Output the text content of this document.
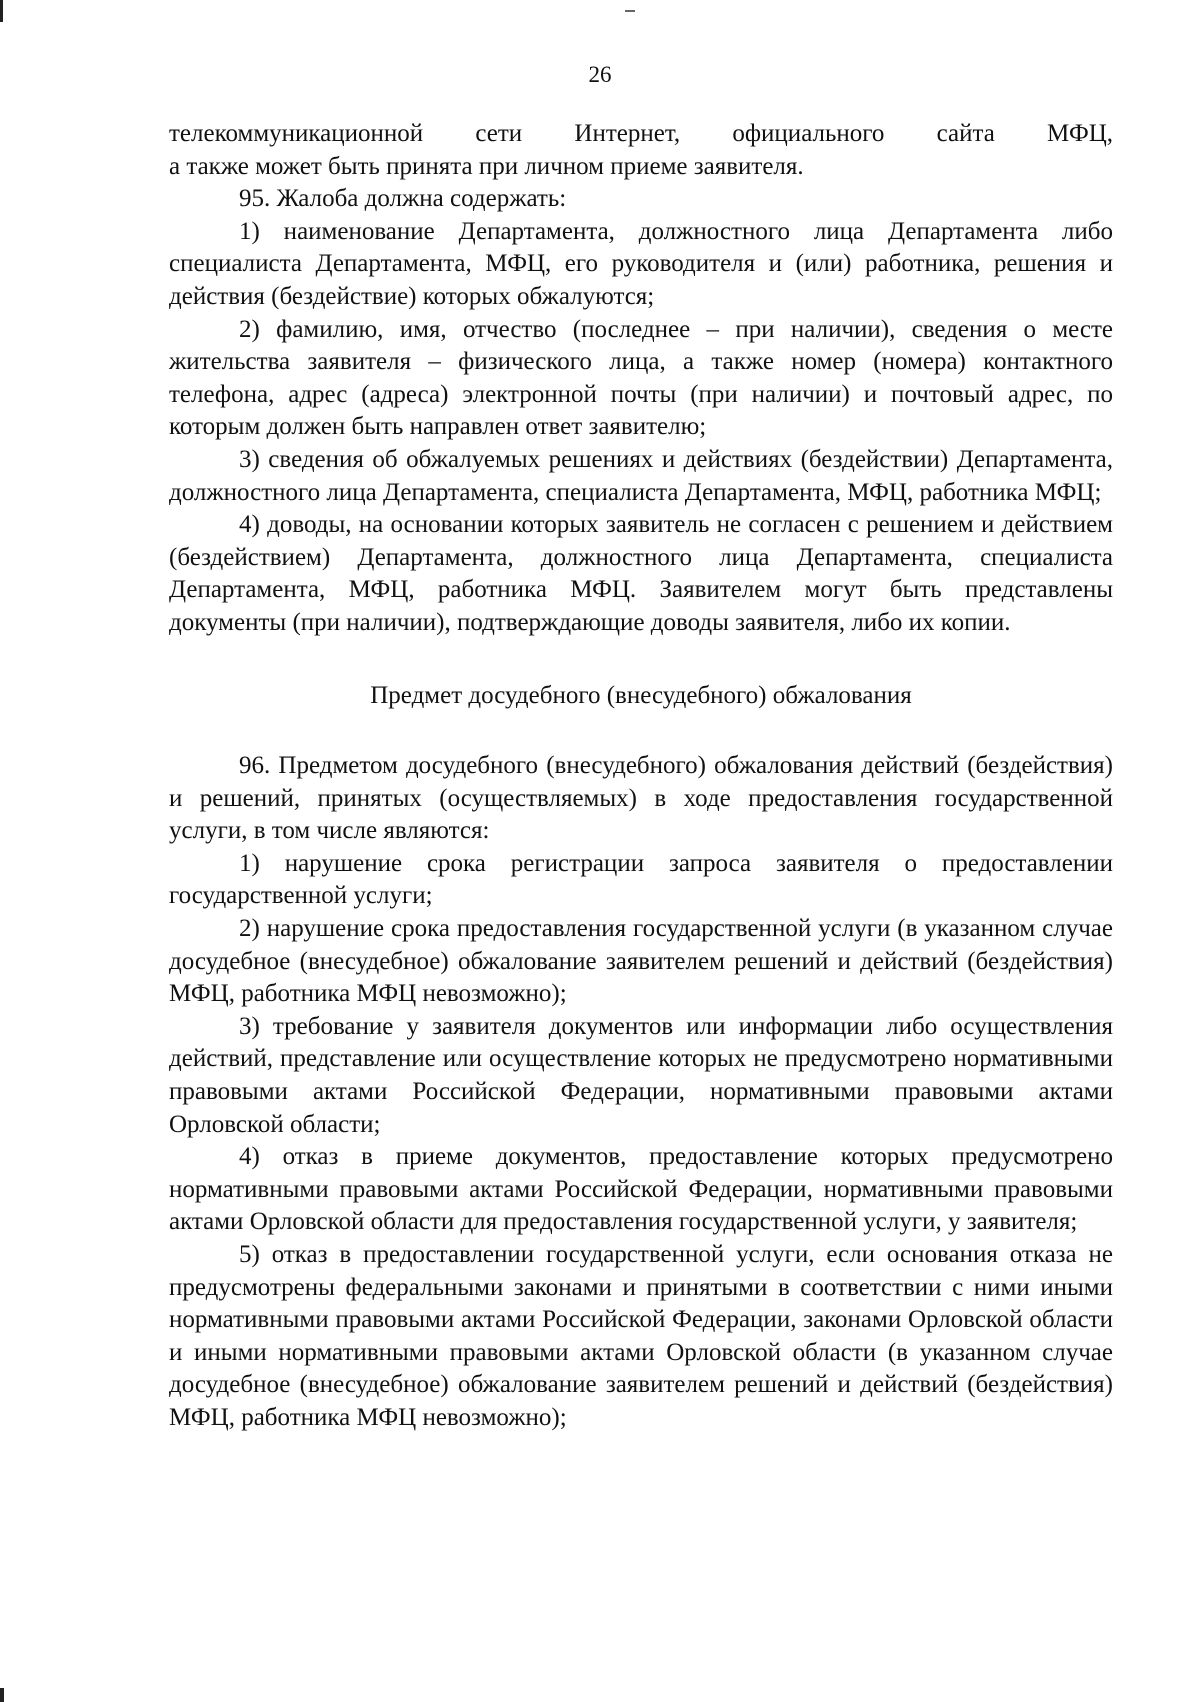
26

телекоммуникационной сети Интернет, официального сайта МФЦ,

а также может быть принята при личном приеме заявителя.

95. Жалоба должна содержать:

1) наименование Департамента, должностного лица Департамента либо специалиста Департамента, МФЦ, его руководителя и (или) работника, решения и действия (бездействие) которых обжалуются;

2) фамилию, имя, отчество (последнее – при наличии), сведения о месте жительства заявителя – физического лица, а также номер (номера) контактного телефона, адрес (адреса) электронной почты (при наличии) и почтовый адрес, по которым должен быть направлен ответ заявителю;

3) сведения об обжалуемых решениях и действиях (бездействии) Департамента, должностного лица Департамента, специалиста Департамента, МФЦ, работника МФЦ;

4) доводы, на основании которых заявитель не согласен с решением и действием (бездействием) Департамента, должностного лица Департамента, специалиста Департамента, МФЦ, работника МФЦ. Заявителем могут быть представлены документы (при наличии), подтверждающие доводы заявителя, либо их копии.

Предмет досудебного (внесудебного) обжалования

96. Предметом досудебного (внесудебного) обжалования действий (бездействия) и решений, принятых (осуществляемых) в ходе предоставления государственной услуги, в том числе являются:

1) нарушение срока регистрации запроса заявителя о предоставлении государственной услуги;

2) нарушение срока предоставления государственной услуги (в указанном случае досудебное (внесудебное) обжалование заявителем решений и действий (бездействия) МФЦ, работника МФЦ невозможно);

3) требование у заявителя документов или информации либо осуществления действий, представление или осуществление которых не предусмотрено нормативными правовыми актами Российской Федерации, нормативными правовыми актами Орловской области;

4) отказ в приеме документов, предоставление которых предусмотрено нормативными правовыми актами Российской Федерации, нормативными правовыми актами Орловской области для предоставления государственной услуги, у заявителя;

5) отказ в предоставлении государственной услуги, если основания отказа не предусмотрены федеральными законами и принятыми в соответствии с ними иными нормативными правовыми актами Российской Федерации, законами Орловской области и иными нормативными правовыми актами Орловской области (в указанном случае досудебное (внесудебное) обжалование заявителем решений и действий (бездействия) МФЦ, работника МФЦ невозможно);
